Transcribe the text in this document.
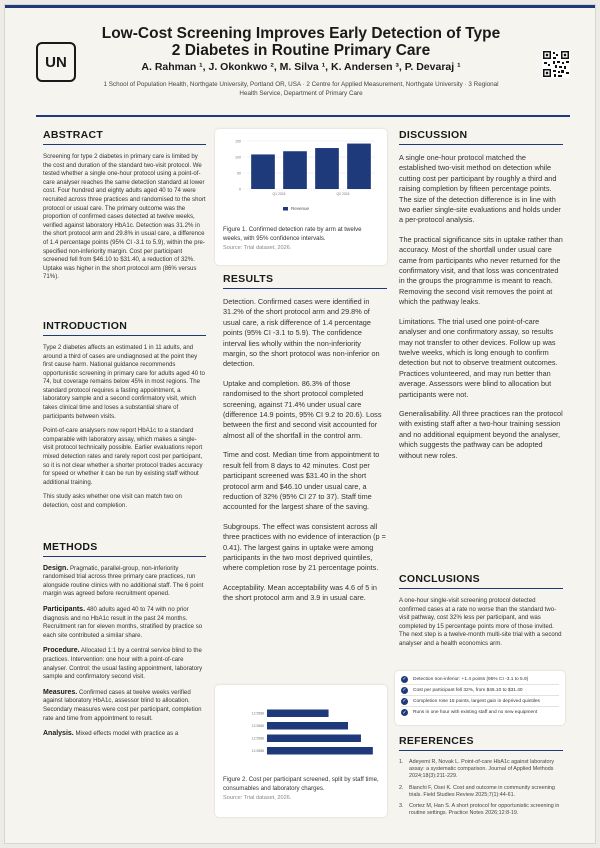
UN
Low-Cost Screening Improves Early Detection of Type
2 Diabetes in Routine Primary Care
A. Rahman ¹, J. Okonkwo ², M. Silva ¹, K. Andersen ³, P. Devaraj ¹
1 School of Population Health, Northgate University, Portland OR, USA · 2 Centre for Applied Measurement, Northgate University · 3 Regional
Health Service, Department of Primary Care
ABSTRACT
Screening for type 2 diabetes in primary care is limited by the cost and duration of the standard two-visit protocol. We tested whether a single one-hour protocol using a point-of-care analyser reaches the same detection standard at lower cost. Four hundred and eighty adults aged 40 to 74 were recruited across three practices and randomised to the short protocol or usual care. The primary outcome was the proportion of confirmed cases detected at twelve weeks, verified against laboratory HbA1c. Detection was 31.2% in the short protocol arm and 29.8% in usual care, a difference of 1.4 percentage points (95% CI -3.1 to 5.9), within the pre-specified non-inferiority margin. Cost per participant screened fell from $46.10 to $31.40, a reduction of 32%. Uptake was higher in the short protocol arm (86% versus 71%).
INTRODUCTION
Type 2 diabetes affects an estimated 1 in 11 adults, and around a third of cases are undiagnosed at the point they first cause harm. National guidance recommends opportunistic screening in primary care for adults aged 40 to 74, but coverage remains below 45% in most regions. The standard protocol requires a fasting appointment, a laboratory sample and a second confirmatory visit, which takes clinical time and loses a substantial share of participants between visits.
Point-of-care analysers now report HbA1c to a standard comparable with laboratory assay, which makes a single-visit protocol technically possible. Earlier evaluations report mixed detection rates and rarely report cost per participant, so it is not clear whether a shorter protocol trades accuracy for speed or whether it can be run by existing staff without additional training.
This study asks whether one visit can match two on detection, cost and completion.
METHODS
Design. Pragmatic, parallel-group, non-inferiority randomised trial across three primary care practices, run alongside routine clinics with no additional staff. The 6 point margin was agreed before recruitment opened.
Participants. 480 adults aged 40 to 74 with no prior diagnosis and no HbA1c result in the past 24 months. Recruitment ran for eleven months, stratified by practice so each site contributed a similar share.
Procedure. Allocated 1:1 by a central service blind to the practices. Intervention: one hour with a point-of-care analyser. Control: the usual fasting appointment, laboratory sample and confirmatory second visit.
Measures. Confirmed cases at twelve weeks verified against laboratory HbA1c, assessor blind to allocation. Secondary measures were cost per participant, completion rate and time from appointment to result.
Analysis. Mixed effects model with practice as a
0
50
100
150
Q1 2024	Q2 2024
Revenue
Figure 1. Confirmed detection rate by arm at twelve weeks, with 95% confidence intervals.
Source: Trial dataset, 2026.
RESULTS
Detection. Confirmed cases were identified in 31.2% of the short protocol arm and 29.8% of usual care, a risk difference of 1.4 percentage points (95% CI -3.1 to 5.9). The confidence interval lies wholly within the non-inferiority margin, so the short protocol was non-inferior on detection.
Uptake and completion. 86.3% of those randomised to the short protocol completed screening, against 71.4% under usual care (difference 14.9 points, 95% CI 9.2 to 20.6). Loss between the first and second visit accounted for almost all of the shortfall in the control arm.
Time and cost. Median time from appointment to result fell from 8 days to 42 minutes. Cost per participant screened was $31.40 in the short protocol arm and $46.10 under usual care, a reduction of 32% (95% CI 27 to 37). Staff time accounted for the largest share of the saving.
Subgroups. The effect was consistent across all three practices with no evidence of interaction (p = 0.41). The largest gains in uptake were among participants in the two most deprived quintiles, where completion rose by 21 percentage points.
Acceptability. Mean acceptability was 4.6 of 5 in the short protocol arm and 3.9 in usual care.
12.5588
12.5588
12.5588
12.5588
Figure 2. Cost per participant screened, split by staff time, consumables and laboratory charges.
Source: Trial dataset, 2026.
DISCUSSION
A single one-hour protocol matched the established two-visit method on detection while cutting cost per participant by roughly a third and raising completion by fifteen percentage points. The size of the detection difference is in line with two earlier single-site evaluations and holds under a per-protocol analysis.
The practical significance sits in uptake rather than accuracy. Most of the shortfall under usual care came from participants who never returned for the confirmatory visit, and that loss was concentrated in the groups the programme is meant to reach. Removing the second visit removes the point at which the pathway leaks.
Limitations. The trial used one point-of-care analyser and one confirmatory assay, so results may not transfer to other devices. Follow up was twelve weeks, which is long enough to confirm detection but not to observe treatment outcomes. Practices volunteered, and may run better than average. Assessors were blind to allocation but participants were not.
Generalisability. All three practices ran the protocol with existing staff after a two-hour training session and no additional equipment beyond the analyser, which suggests the pathway can be adopted without new roles.
CONCLUSIONS
A one-hour single-visit screening protocol detected confirmed cases at a rate no worse than the standard two-visit pathway, cost 32% less per participant, and was completed by 15 percentage points more of those invited. The next step is a twelve-month multi-site trial with a second analyser and a health economics arm.
✓ Detection non-inferior: +1.4 points (95% CI -3.1 to 5.9)
✓ Cost per participant fell 32%, from $46.10 to $31.40
✓ Completion rose 15 points, largest gain in deprived quintiles
✓ Runs in one hour with existing staff and no new equipment
REFERENCES
1.	Adeyemi R, Novak L. Point-of-care HbA1c against laboratory assay: a systematic comparison. Journal of Applied Methods 2024;18(3):211-229.
2.	Bianchi F, Osei K. Cost and outcome in community screening trials. Field Studies Review 2025;7(1):44-61.
3.	Cortez M, Han S. A short protocol for opportunistic screening in routine settings. Practice Notes 2026;12:8-19.
